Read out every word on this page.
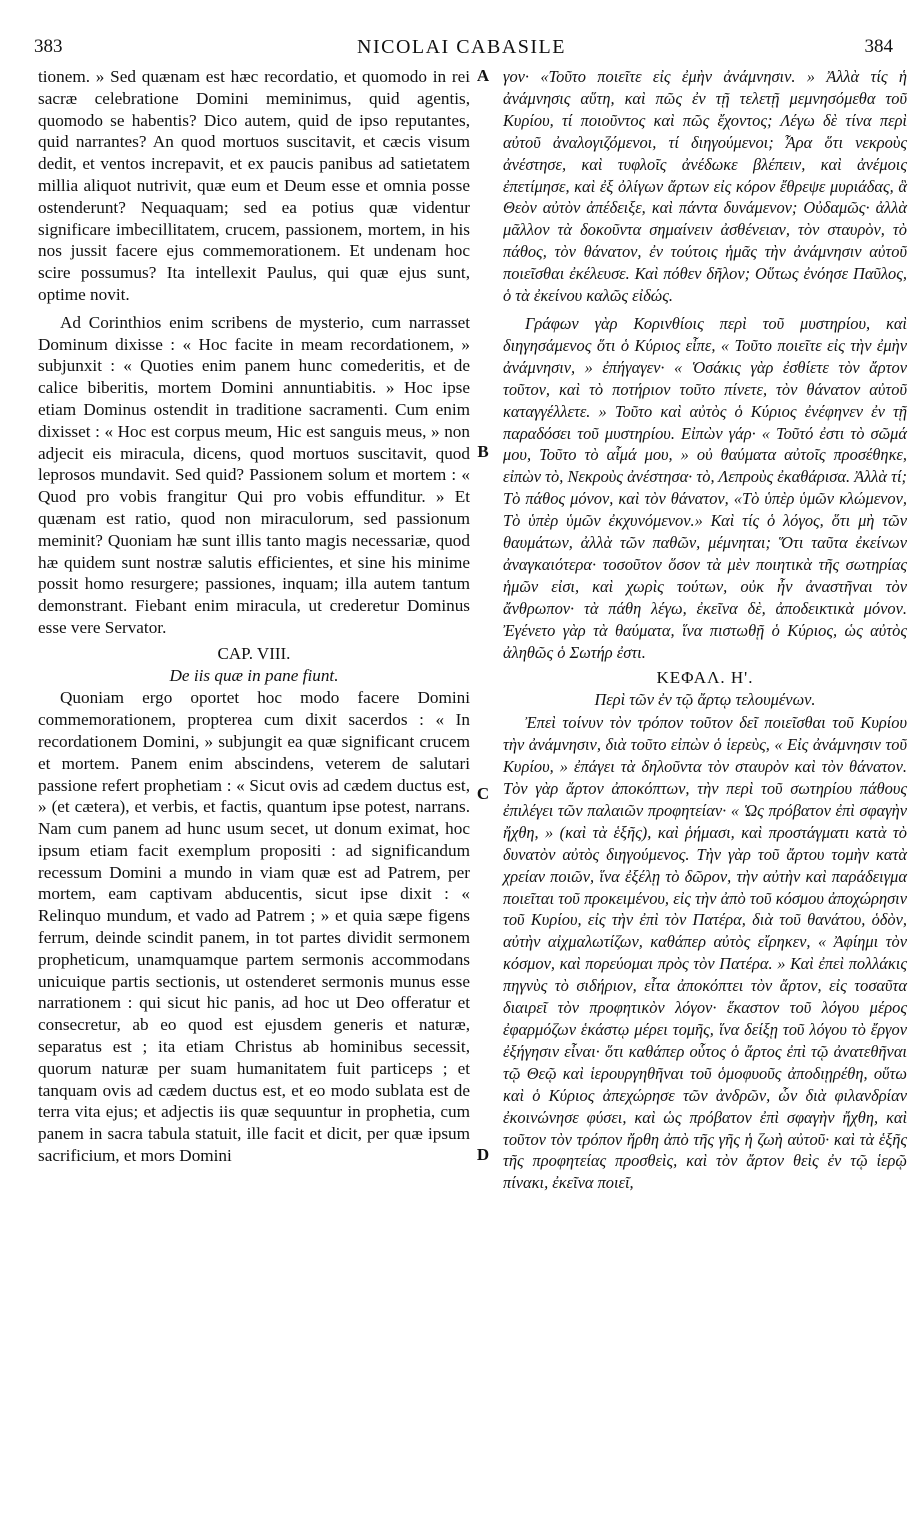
383	NICOLAI CABASILE	384
A
B
C
D

tionem. » Sed quænam est hæc recordatio, et quomodo in rei sacræ celebratione Domini meminimus, quid agentis, quomodo se habentis? Dico autem, quid de ipso reputantes, quid narrantes? An quod mortuos suscitavit, et cæcis visum dedit, et ventos increpavit, et ex paucis panibus ad satietatem millia aliquot nutrivit, quæ eum et Deum esse et omnia posse ostenderunt? Nequaquam; sed ea potius quæ videntur significare imbecillitatem, crucem, passionem, mortem, in his nos jussit facere ejus commemorationem. Et undenam hoc scire possumus? Ita intellexit Paulus, qui quæ ejus sunt, optime novit.

Ad Corinthios enim scribens de mysterio, cum narrasset Dominum dixisse : « Hoc facite in meam recordationem, » subjunxit : « Quoties enim panem hunc comederitis, et de calice biberitis, mortem Domini annuntiabitis. » Hoc ipse etiam Dominus ostendit in traditione sacramenti. Cum enim dixisset : « Hoc est corpus meum, Hic est sanguis meus, » non adjecit eis miracula, dicens, quod mortuos suscitavit, quod leprosos mundavit. Sed quid? Passionem solum et mortem : « Quod pro vobis frangitur Qui pro vobis effunditur. » Et quænam est ratio, quod non miraculorum, sed passionum meminit? Quoniam hæ sunt illis tanto magis necessariæ, quod hæ quidem sunt nostræ salutis efficientes, et sine his minime possit homo resurgere; passiones, inquam; illa autem tantum demonstrant. Fiebant enim miracula, ut crederetur Dominus esse vere Servator.

CAP. VIII.

De iis quæ in pane fiunt.

Quoniam ergo oportet hoc modo facere Domini commemorationem, propterea cum dixit sacerdos : « In recordationem Domini, » subjungit ea quæ significant crucem et mortem. Panem enim abscindens, veterem de salutari passione refert prophetiam : « Sicut ovis ad cædem ductus est, » (et cætera), et verbis, et factis, quantum ipse potest, narrans. Nam cum panem ad hunc usum secet, ut donum eximat, hoc ipsum etiam facit exemplum propositi : ad significandum recessum Domini a mundo in viam quæ est ad Patrem, per mortem, eam captivam abducentis, sicut ipse dixit : « Relinquo mundum, et vado ad Patrem ; » et quia sæpe figens ferrum, deinde scindit panem, in tot partes dividit sermonem propheticum, unamquamque partem sermonis accommodans unicuique partis sectionis, ut ostenderet sermonis munus esse narrationem : qui sicut hic panis, ad hoc ut Deo offeratur et consecretur, ab eo quod est ejusdem generis et naturæ, separatus est ; ita etiam Christus ab hominibus secessit, quorum naturæ per suam humanitatem fuit particeps ; et tanquam ovis ad cædem ductus est, et eo modo sublata est de terra vita ejus; et adjectis iis quæ sequuntur in prophetia, cum panem in sacra tabula statuit, ille facit et dicit, per quæ ipsum sacrificium, et mors Domini

γον· «Τοῦτο ποιεῖτε εἰς ἐμὴν ἀνάμνησιν. » Ἀλλὰ τίς ἡ ἀνάμνησις αὕτη, καὶ πῶς ἐν τῇ τελετῇ μεμνησόμεθα τοῦ Κυρίου, τί ποιοῦντος καὶ πῶς ἔχοντος; Λέγω δὲ τίνα περὶ αὐτοῦ ἀναλογιζόμενοι, τί διηγούμενοι; Ἆρα ὅτι νεκροὺς ἀνέστησε, καὶ τυφλοῖς ἀνέδωκε βλέπειν, καὶ ἀνέμοις ἐπετίμησε, καὶ ἐξ ὀλίγων ἄρτων εἰς κόρον ἔθρεψε μυριάδας, ἃ Θεὸν αὐτὸν ἀπέδειξε, καὶ πάντα δυνάμενον; Οὐδαμῶς· ἀλλὰ μᾶλλον τὰ δοκοῦντα σημαίνειν ἀσθένειαν, τὸν σταυρὸν, τὸ πάθος, τὸν θάνατον, ἐν τούτοις ἡμᾶς τὴν ἀνάμνησιν αὐτοῦ ποιεῖσθαι ἐκέλευσε. Καὶ πόθεν δῆλον; Οὕτως ἐνόησε Παῦλος, ὁ τὰ ἐκείνου καλῶς εἰδώς.

Γράφων γὰρ Κορινθίοις περὶ τοῦ μυστηρίου, καὶ διηγησάμενος ὅτι ὁ Κύριος εἶπε, « Τοῦτο ποιεῖτε εἰς τὴν ἐμὴν ἀνάμνησιν, » ἐπήγαγεν· « Ὁσάκις γὰρ ἐσθίετε τὸν ἄρτον τοῦτον, καὶ τὸ ποτήριον τοῦτο πίνετε, τὸν θάνατον αὐτοῦ καταγγέλλετε. » Τοῦτο καὶ αὐτὸς ὁ Κύριος ἐνέφηνεν ἐν τῇ παραδόσει τοῦ μυστηρίου. Εἰπὼν γάρ· « Τοῦτό ἐστι τὸ σῶμά μου, Τοῦτο τὸ αἷμά μου, » οὐ θαύματα αὐτοῖς προσέθηκε, εἰπὼν τὸ, Νεκροὺς ἀνέστησα· τὸ, Λεπροὺς ἐκαθάρισα. Ἀλλὰ τί; Τὸ πάθος μόνον, καὶ τὸν θάνατον, «Τὸ ὑπὲρ ὑμῶν κλώμενον, Τὸ ὑπὲρ ὑμῶν ἐκχυνόμενον.» Καὶ τίς ὁ λόγος, ὅτι μὴ τῶν θαυμάτων, ἀλλὰ τῶν παθῶν, μέμνηται; Ὅτι ταῦτα ἐκείνων ἀναγκαιότερα· τοσοῦτον ὅσον τὰ μὲν ποιητικὰ τῆς σωτηρίας ἡμῶν εἰσι, καὶ χωρὶς τούτων, οὐκ ἦν ἀναστῆναι τὸν ἄνθρωπον· τὰ πάθη λέγω, ἐκεῖνα δὲ, ἀποδεικτικὰ μόνον. Ἐγένετο γὰρ τὰ θαύματα, ἵνα πιστωθῇ ὁ Κύριος, ὡς αὐτὸς ἀληθῶς ὁ Σωτήρ ἐστι.

ΚΕΦΑΛ. Η'.

Περὶ τῶν ἐν τῷ ἄρτῳ τελουμένων.

Ἐπεὶ τοίνυν τὸν τρόπον τοῦτον δεῖ ποιεῖσθαι τοῦ Κυρίου τὴν ἀνάμνησιν, διὰ τοῦτο εἰπὼν ὁ ἱερεὺς, « Εἰς ἀνάμνησιν τοῦ Κυρίου, » ἐπάγει τὰ δηλοῦντα τὸν σταυρὸν καὶ τὸν θάνατον. Τὸν γὰρ ἄρτον ἀποκόπτων, τὴν περὶ τοῦ σωτηρίου πάθους ἐπιλέγει τῶν παλαιῶν προφητείαν· « Ὡς πρόβατον ἐπὶ σφαγὴν ἤχθη, » (καὶ τὰ ἑξῆς), καὶ ῥήμασι, καὶ προστάγματι κατὰ τὸ δυνατὸν αὐτὸς διηγούμενος. Τὴν γὰρ τοῦ ἄρτου τομὴν κατὰ χρείαν ποιῶν, ἵνα ἐξέλῃ τὸ δῶρον, τὴν αὐτὴν καὶ παράδειγμα ποιεῖται τοῦ προκειμένου, εἰς τὴν ἀπὸ τοῦ κόσμου ἀποχώρησιν τοῦ Κυρίου, εἰς τὴν ἐπὶ τὸν Πατέρα, διὰ τοῦ θανάτου, ὁδὸν, αὐτὴν αἰχμαλωτίζων, καθάπερ αὐτὸς εἴρηκεν, « Ἀφίημι τὸν κόσμον, καὶ πορεύομαι πρὸς τὸν Πατέρα. » Καὶ ἐπεὶ πολλάκις πηγνὺς τὸ σιδήριον, εἶτα ἀποκόπτει τὸν ἄρτον, εἰς τοσαῦτα διαιρεῖ τὸν προφητικὸν λόγον· ἕκαστον τοῦ λόγου μέρος ἐφαρμόζων ἑκάστῳ μέρει τομῆς, ἵνα δείξῃ τοῦ λόγου τὸ ἔργον ἐξήγησιν εἶναι· ὅτι καθάπερ οὗτος ὁ ἄρτος ἐπὶ τῷ ἀνατεθῆναι τῷ Θεῷ καὶ ἱερουργηθῆναι τοῦ ὁμοφυοῦς ἀποδιῃρέθη, οὕτω καὶ ὁ Κύριος ἀπεχώρησε τῶν ἀνδρῶν, ὧν διὰ φιλανδρίαν ἐκοινώνησε φύσει, καὶ ὡς πρόβατον ἐπὶ σφαγὴν ἤχθη, καὶ τοῦτον τὸν τρόπον ἤρθη ἀπὸ τῆς γῆς ἡ ζωὴ αὐτοῦ· καὶ τὰ ἑξῆς τῆς προφητείας προσθεὶς, καὶ τὸν ἄρτον θεὶς ἐν τῷ ἱερῷ πίνακι, ἐκεῖνα ποιεῖ,
